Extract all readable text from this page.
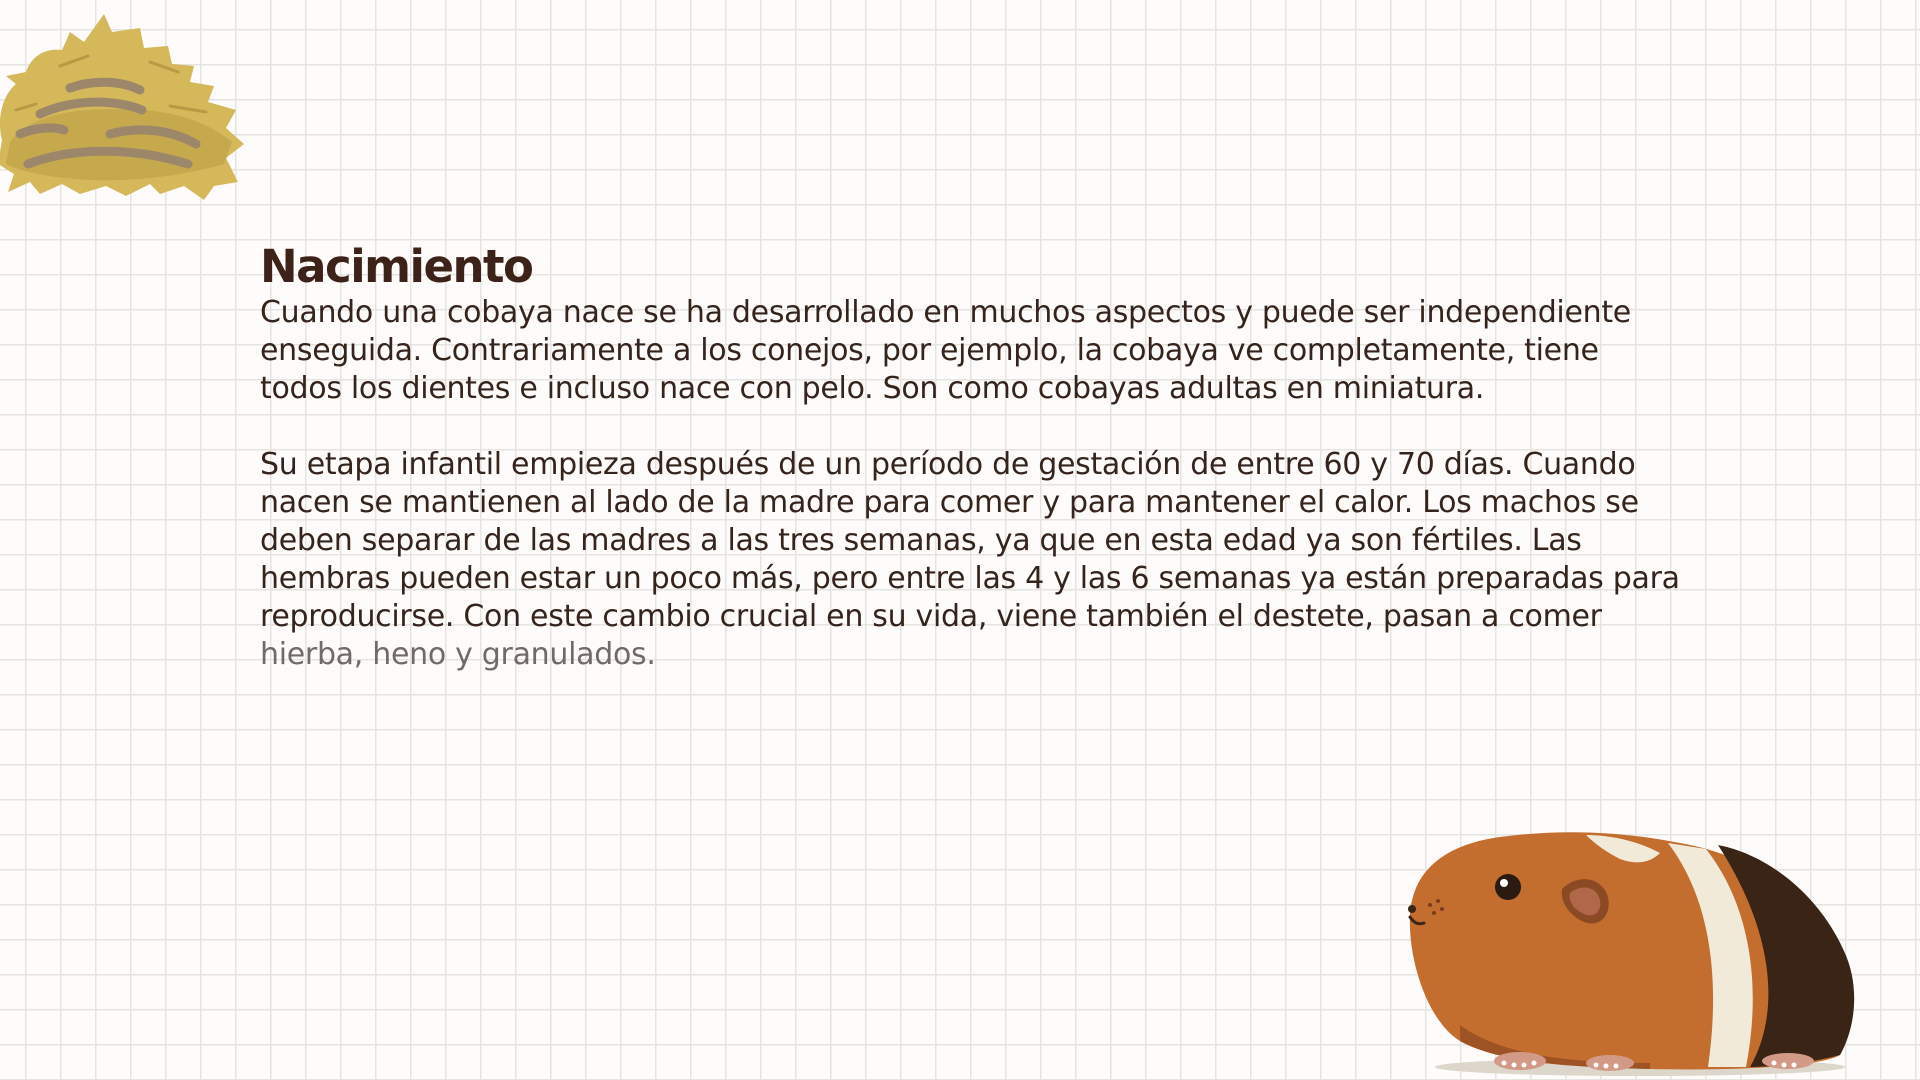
Nacimiento

Cuando una cobaya nace se ha desarrollado en muchos aspectos y puede ser independiente enseguida. Contrariamente a los conejos, por ejemplo, la cobaya ve completamente, tiene todos los dientes e incluso nace con pelo. Son como cobayas adultas en miniatura.

Su etapa infantil empieza después de un período de gestación de entre 60 y 70 días. Cuando nacen se mantienen al lado de la madre para comer y para mantener el calor. Los machos se deben separar de las madres a las tres semanas, ya que en esta edad ya son fértiles. Las hembras pueden estar un poco más, pero entre las 4 y las 6 semanas ya están preparadas para reproducirse. Con este cambio crucial en su vida, viene también el destete, pasan a comer hierba, heno y granulados.
